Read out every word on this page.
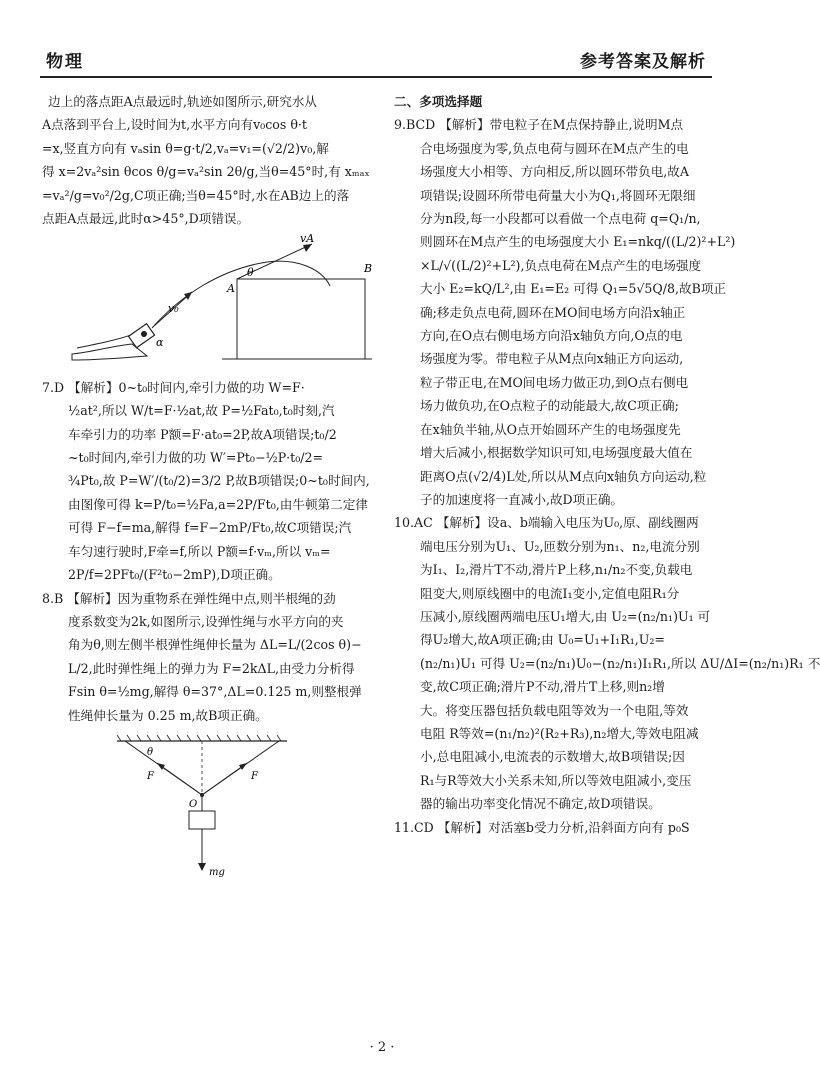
物理	参考答案及解析
边上的落点距A点最远时,轨迹如图所示,研究水从
A点落到平台上,设时间为t,水平方向有v₀cos θ·t
=x,竖直方向有 vₐsin θ=g·t/2,vₐ=v₁=(√2/2)v₀,解
得 x=2vₐ²sin θcos θ/g=vₐ²sin 2θ/g,当θ=45°时,有 xₘₐₓ
=vₐ²/g=v₀²/2g,C项正确;当θ=45°时,水在AB边上的落
点距A点最远,此时α>45°,D项错误。
vA
θ
A
B
v₀
α
7.D 【解析】0~t₀时间内,牵引力做的功 W=F·
½at²,所以 W/t=F·½at,故 P=½Fat₀,t₀时刻,汽
车牵引力的功率 P额=F·at₀=2P,故A项错误;t₀/2
~t₀时间内,牵引力做的功 W′=Pt₀−½P·t₀/2=
¾Pt₀,故 P=W′/(t₀/2)=3/2 P,故B项错误;0~t₀时间内,
由图像可得 k=P/t₀=½Fa,a=2P/Ft₀,由牛顿第二定律
可得 F−f=ma,解得 f=F−2mP/Ft₀,故C项错误;汽
车匀速行驶时,F牵=f,所以 P额=f·vₘ,所以 vₘ=
2P/f=2PFt₀/(F²t₀−2mP),D项正确。
8.B 【解析】因为重物系在弹性绳中点,则半根绳的劲
度系数变为2k,如图所示,设弹性绳与水平方向的夹
角为θ,则左侧半根弹性绳伸长量为 ΔL=L/(2cos θ)−
L/2,此时弹性绳上的弹力为 F=2kΔL,由受力分析得
Fsin θ=½mg,解得 θ=37°,ΔL=0.125 m,则整根弹
性绳伸长量为 0.25 m,故B项正确。
θ
F	F
O
mg
二、多项选择题
9.BCD 【解析】带电粒子在M点保持静止,说明M点
合电场强度为零,负点电荷与圆环在M点产生的电
场强度大小相等、方向相反,所以圆环带负电,故A
项错误;设圆环所带电荷量大小为Q₁,将圆环无限细
分为n段,每一小段都可以看做一个点电荷 q=Q₁/n,
则圆环在M点产生的电场强度大小 E₁=nkq/((L/2)²+L²)
×L/√((L/2)²+L²),负点电荷在M点产生的电场强度
大小 E₂=kQ/L²,由 E₁=E₂ 可得 Q₁=5√5Q/8,故B项正
确;移走负点电荷,圆环在MO间电场方向沿x轴正
方向,在O点右侧电场方向沿x轴负方向,O点的电
场强度为零。带电粒子从M点向x轴正方向运动,
粒子带正电,在MO间电场力做正功,到O点右侧电
场力做负功,在O点粒子的动能最大,故C项正确;
在x轴负半轴,从O点开始圆环产生的电场强度先
增大后减小,根据数学知识可知,电场强度最大值在
距离O点(√2/4)L处,所以从M点向x轴负方向运动,粒
子的加速度将一直减小,故D项正确。
10.AC 【解析】设a、b端输入电压为U₀,原、副线圈两
端电压分别为U₁、U₂,匝数分别为n₁、n₂,电流分别
为I₁、I₂,滑片T不动,滑片P上移,n₁/n₂不变,负载电
阻变大,则原线圈中的电流I₁变小,定值电阻R₁分
压减小,原线圈两端电压U₁增大,由 U₂=(n₂/n₁)U₁ 可
得U₂增大,故A项正确;由 U₀=U₁+I₁R₁,U₂=
(n₂/n₁)U₁ 可得 U₂=(n₂/n₁)U₀−(n₂/n₁)I₁R₁,所以 ΔU/ΔI=(n₂/n₁)R₁ 不
变,故C项正确;滑片P不动,滑片T上移,则n₂增
大。将变压器包括负载电阻等效为一个电阻,等效
电阻 R等效=(n₁/n₂)²(R₂+R₃),n₂增大,等效电阻减
小,总电阻减小,电流表的示数增大,故B项错误;因
R₁与R等效大小关系未知,所以等效电阻减小,变压
器的输出功率变化情况不确定,故D项错误。
11.CD 【解析】对活塞b受力分析,沿斜面方向有 p₀S
· 2 ·
